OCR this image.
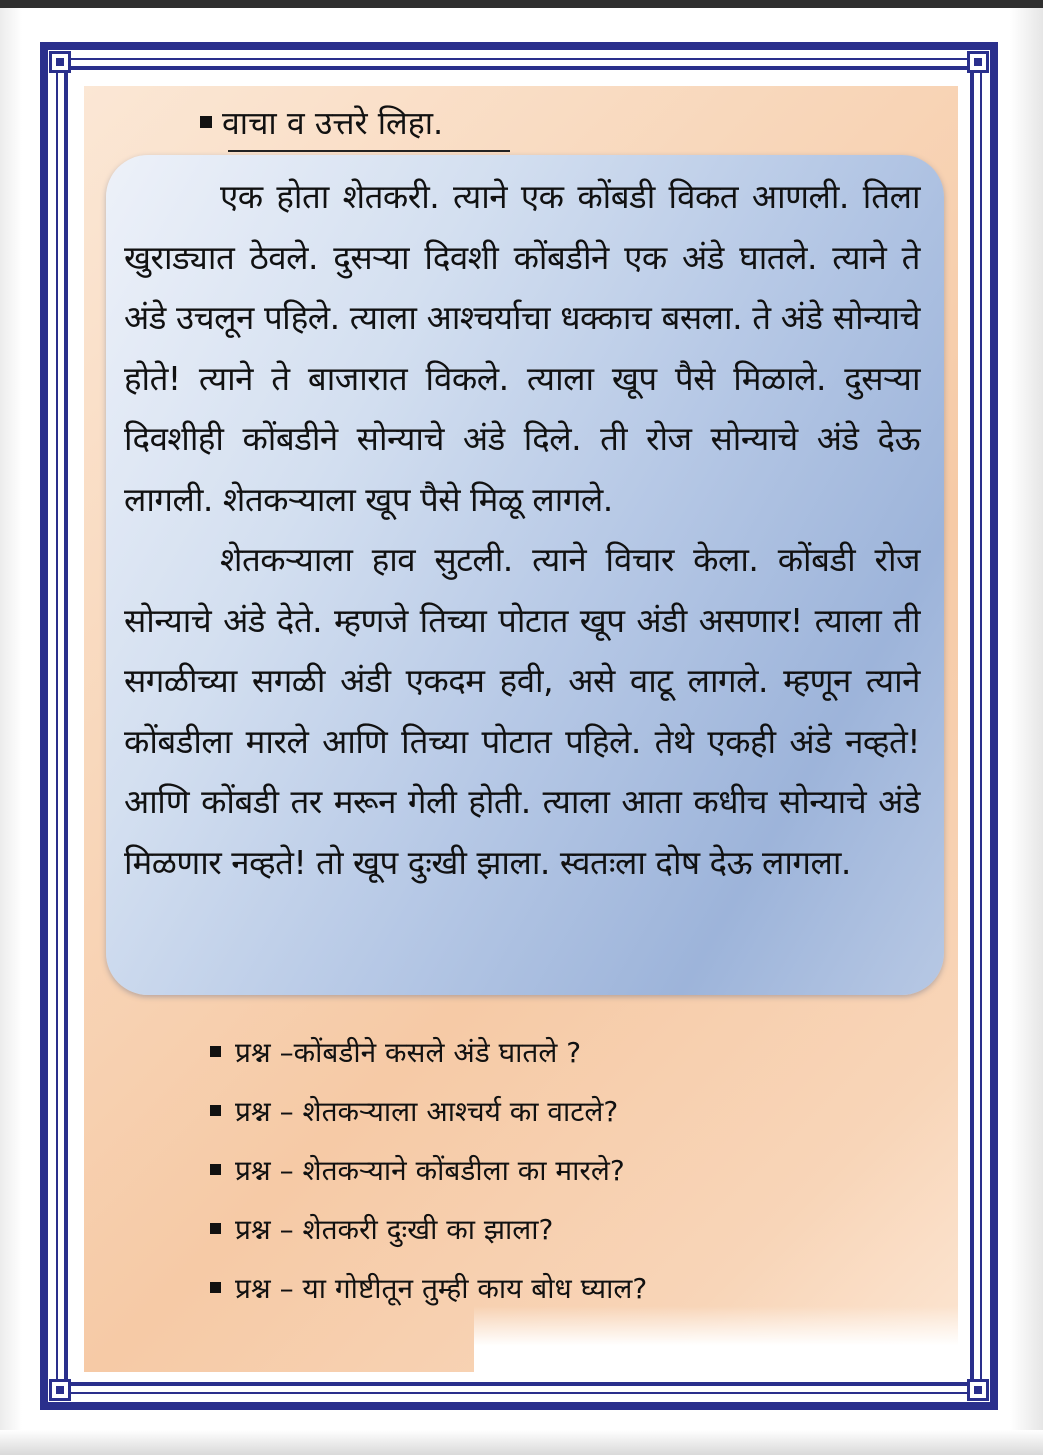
वाचा व उत्तरे लिहा.

एक होता शेतकरी. त्याने एक कोंबडी विकत आणली. तिला खुराड्यात ठेवले. दुसऱ्या दिवशी कोंबडीने एक अंडे घातले. त्याने ते अंडे उचलून पहिले. त्याला आश्चर्याचा धक्काच बसला. ते अंडे सोन्याचे होते! त्याने ते बाजारात विकले. त्याला खूप पैसे मिळाले. दुसऱ्या दिवशीही कोंबडीने सोन्याचे अंडे दिले. ती रोज सोन्याचे अंडे देऊ लागली. शेतकऱ्याला खूप पैसे मिळू लागले.

शेतकऱ्याला हाव सुटली. त्याने विचार केला. कोंबडी रोज सोन्याचे अंडे देते. म्हणजे तिच्या पोटात खूप अंडी असणार! त्याला ती सगळीच्या सगळी अंडी एकदम हवी, असे वाटू लागले. म्हणून त्याने कोंबडीला मारले आणि तिच्या पोटात पहिले. तेथे एकही अंडे नव्हते! आणि कोंबडी तर मरून गेली होती. त्याला आता कधीच सोन्याचे अंडे मिळणार नव्हते! तो खूप दुःखी झाला. स्वतःला दोष देऊ लागला.

प्रश्न –कोंबडीने कसले अंडे घातले ?
प्रश्न – शेतकऱ्याला आश्चर्य का वाटले?
प्रश्न – शेतकऱ्याने कोंबडीला का मारले?
प्रश्न – शेतकरी दुःखी का झाला?
प्रश्न – या गोष्टीतून तुम्ही काय बोध घ्याल?
